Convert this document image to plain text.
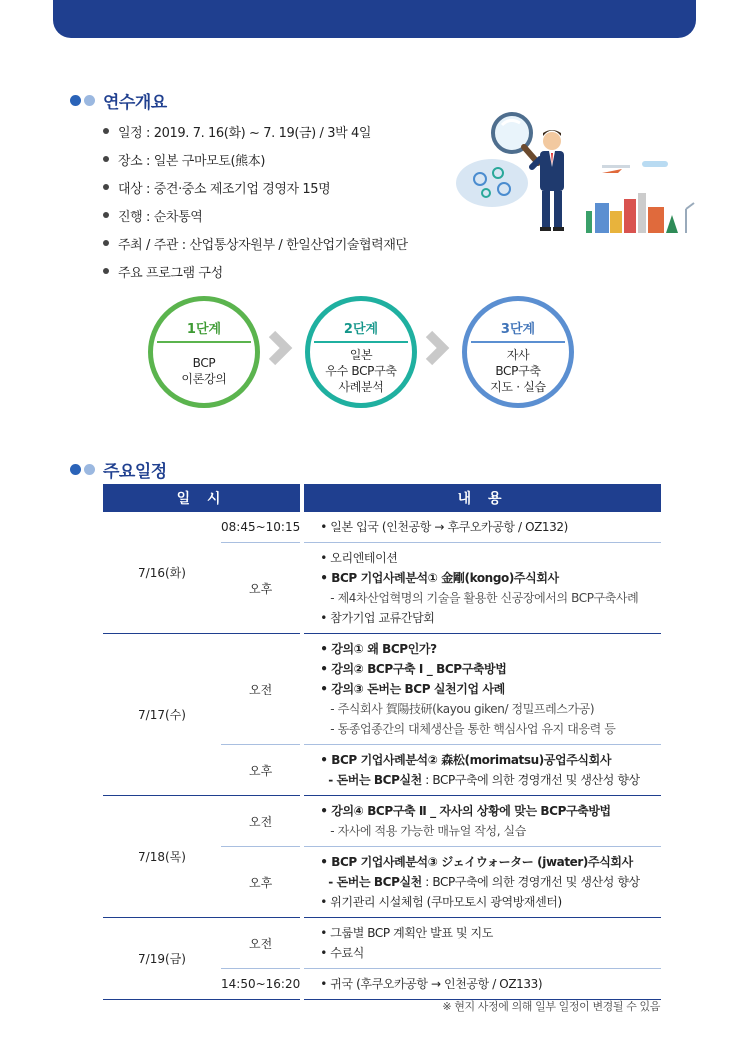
연수개요
일정 : 2019. 7. 16(화) ~ 7. 19(금) / 3박 4일
장소 : 일본 구마모토(熊本)
대상 : 중견·중소 제조기업 경영자 15명
진행 : 순차통역
주최 / 주관 : 산업통상자원부 / 한일산업기술협력재단
주요 프로그램 구성
1단계
BCP
이론강의
2단계
일본
우수 BCP구축
사례분석
3단계
자사
BCP구축
지도 · 실습
주요일정
일 시			내 용
7/16(화)	08:45~10:15		• 일본 입국 (인천공항 → 후쿠오카공항 / OZ132)

	오후		• 오리엔테이션
• BCP 기업사례분석① 金剛(kongo)주식회사
- 제4차산업혁명의 기술을 활용한 신공장에서의 BCP구축사례
• 참가기업 교류간담회

7/17(수)	오전		• 강의① 왜 BCP인가?
• 강의② BCP구축 Ⅰ _ BCP구축방법
• 강의③ 돈버는 BCP 실천기업 사례
- 주식회사 賀陽技研(kayou giken/ 정밀프레스가공)
- 동종업종간의 대체생산을 통한 핵심사업 유지 대응력 등

	오후		• BCP 기업사례분석② 森松(morimatsu)공업주식회사
- 돈버는 BCP실천 : BCP구축에 의한 경영개선 및 생산성 향상

7/18(목)	오전		• 강의④ BCP구축 Ⅱ _ 자사의 상황에 맞는 BCP구축방법
- 자사에 적용 가능한 매뉴얼 작성, 실습

	오후		• BCP 기업사례분석③ ジェイウォーター (jwater)주식회사
- 돈버는 BCP실천 : BCP구축에 의한 경영개선 및 생산성 향상
• 위기관리 시설체험 (쿠마모토시 광역방재센터)

7/19(금)	오전		• 그룹별 BCP 계획안 발표 및 지도
• 수료식

	14:50~16:20		• 귀국 (후쿠오카공항 → 인천공항 / OZ133)
※ 현지 사정에 의해 일부 일정이 변경될 수 있음
